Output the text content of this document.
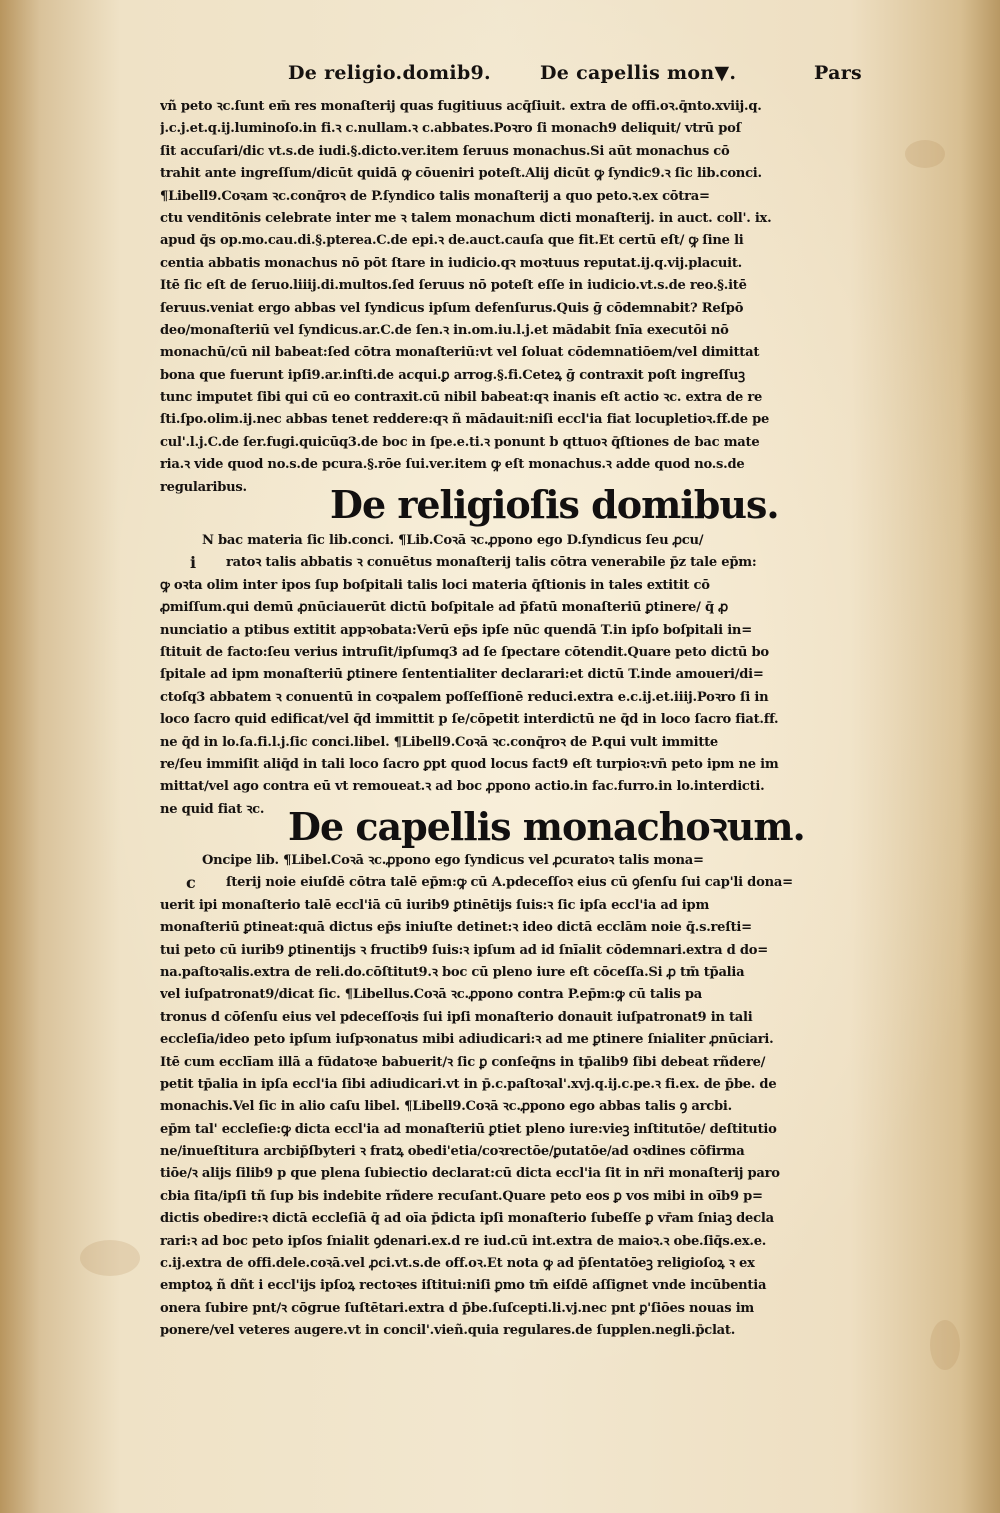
De religio.domib9.	De capellis mon▼.	Pars
vñ peto ꝛc.ſunt em̄ res monaſterij quas fugitiuus acq̄ſiuit. extra de offi.oꝛ.q̄nto.xviij.q.
j.c.j.et.q.ij.luminoſo.in fi.ꝛ c.nullam.ꝛ c.abbates.Poꝛro ſi monach9 deliquit/ vtrū poſ
ſit accuſari/dic vt.s.de iudi.§.dicto.ver.item ſeruus monachus.Si aūt monachus cō
trahit ante ingreſſum/dicūt quidā ꝙ cōueniri poteſt.Alij dicūt ꝙ ſyndic9.ꝛ ſic lib.conci.
¶Libell9.Coꝛam ꝛc.conq̄roꝛ de P.ſyndico talis monaſterij a quo peto.ꝛ.ex cōtra=
ctu venditōnis celebrate inter me ꝛ talem monachum dicti monaſterij. in auct. coll'. ix.
apud q̄s op.mo.cau.di.§.pterea.C.de epi.ꝛ de.auct.cauſa que fit.Et certū eſt/ ꝙ ſine li
centia abbatis monachus nō pōt ſtare in iudicio.qꝛ moꝛtuus reputat.ij.q.vij.placuit.
Itē ſic eſt de ſeruo.liiij.di.multos.ſed ſeruus nō poteſt eſſe in iudicio.vt.s.de reo.§.itē
ſeruus.veniat ergo abbas vel ſyndicus ipſum defenſurus.Quis ḡ cōdemnabit? Reſpō
deo/monaſteriū vel ſyndicus.ar.C.de ſen.ꝛ in.om.iu.l.j.et mādabit ſnīa executōi nō
monachū/cū nil babeat:ſed cōtra monaſteriū:vt vel ſoluat cōdemnatiōem/vel dimittat
bona que fuerunt ipſi9.ar.inſti.de acqui.ꝑ arrog.§.fi.Ceteꝝ ḡ contraxit poſt ingreſſuꝫ
tunc imputet ſibi qui cū eo contraxit.cū nibil babeat:qꝛ inanis eſt actio ꝛc. extra de re
ſti.ſpo.olim.ij.nec abbas tenet reddere:qꝛ ñ mādauit:niſi eccl'ia fiat locupletioꝛ.ff.de pe
cul'.l.j.C.de ſer.fugi.quicūq3.de boc in ſpe.e.ti.ꝛ ponunt b qttuoꝛ q̄ſtiones de bac mate
ria.ꝛ vide quod no.s.de pcura.§.rōe ſui.ver.item ꝙ eſt monachus.ꝛ adde quod no.s.de
regularibus.	De religioſis domibus.
i
N bac materia ſic lib.conci. ¶Lib.Coꝛā ꝛc.ꝓpono ego D.ſyndicus ſeu ꝓcu/
ratoꝛ talis abbatis ꝛ conuētus monaſterij talis cōtra venerabile p̄z tale ep̄m:
ꝙ oꝛta olim inter ipos ſup boſpitali talis loci materia q̄ſtionis in tales extitit cō
ꝓmiſſum.qui demū ꝓnūciauerūt dictū boſpitale ad p̄fatū monaſteriū ꝑtinere/ q̄ ꝓ
nunciatio a ptibus extitit appꝛobata:Verū ep̄s ipſe nūc quendā T.in ipſo boſpitali in=
ſtituit de facto:ſeu verius intruſit/ipſumq3 ad ſe ſpectare cōtendit.Quare peto dictū bo
ſpitale ad ipm monaſteriū ꝑtinere ſententialiter declarari:et dictū T.inde amoueri/di=
ctoſq3 abbatem ꝛ conuentū in coꝛpalem poſſeſſionē reduci.extra e.c.ij.et.iiij.Poꝛro ſi in
loco ſacro quid edificat/vel q̄d immittit p ſe/cōpetit interdictū ne q̄d in loco ſacro fiat.ff.
ne q̄d in lo.ſa.fi.l.j.ſic conci.libel. ¶Libell9.Coꝛā ꝛc.conq̄roꝛ de P.qui vult immitte
re/ſeu immiſit aliq̄d in tali loco ſacro ꝑpt quod locus fact9 eſt turpioꝛ:vn̄ peto ipm ne im
mittat/vel ago contra eū vt remoueat.ꝛ ad boc ꝓpono actio.in fac.furro.in lo.interdicti.
ne quid fiat ꝛc. De capellis monachoꝛum.
c
Oncipe lib. ¶Libel.Coꝛā ꝛc.ꝓpono ego ſyndicus vel ꝓcuratoꝛ talis mona=
ſterij noie eiuſdē cōtra talē ep̄m:ꝙ cū A.pdeceſſoꝛ eius cū ꝯſenſu ſui cap'li dona=
uerit ipi monaſterio talē eccl'iā cū iurib9 ꝑtinētijs ſuis:ꝛ ſic ipſa eccl'ia ad ipm
monaſteriū ꝑtineat:quā dictus ep̄s iniuſte detinet:ꝛ ideo dictā ecclām noie q̄.s.reſti=
tui peto cū iurib9 ꝑtinentijs ꝛ fructib9 ſuis:ꝛ ipſum ad id ſnīalit cōdemnari.extra d do=
na.paſtoꝛalis.extra de reli.do.cōſtitut9.ꝛ boc cū pleno iure eſt cōceſſa.Si ꝓ tm̄ tp̄alia
vel iuſpatronat9/dicat ſic. ¶Libellus.Coꝛā ꝛc.ꝓpono contra P.ep̄m:ꝙ cū talis pa
tronus d cōſenſu eius vel pdeceſſoꝛis ſui ipſi monaſterio donauit iuſpatronat9 in tali
eccleſia/ideo peto ipſum iuſpꝛonatus mibi adiudicari:ꝛ ad me ꝑtinere ſnialiter ꝓnūciari.
Itē cum ecclīam illā a fūdatoꝛe babuerit/ꝛ ſic ꝑ conſeq̄ns in tp̄alib9 ſibi debeat rñdere/
petit tp̄alia in ipſa eccl'ia ſibi adiudicari.vt in p̄.c.paſtoꝛal'.xvj.q.ij.c.pe.ꝛ fi.ex. de p̄be. de
monachis.Vel ſic in alio caſu libel. ¶Libell9.Coꝛā ꝛc.ꝓpono ego abbas talis ꝯ arcbi.
ep̄m tal' eccleſie:ꝙ dicta eccl'ia ad monaſteriū ꝑtiet pleno iure:vieꝫ inſtitutōe/ deſtitutio
ne/inueſtitura arcbip̄ſbyteri ꝛ fratꝝ obedi'etia/coꝛrectōe/ꝑutatōe/ad oꝛdines cōfirma
tiōe/ꝛ alijs ſilib9 p que plena ſubiectio declarat:cū dicta eccl'ia ſit in nr̄i monaſterij paro
cbia ſita/ipſi tñ ſup bis indebite rñdere recuſant.Quare peto eos ꝑ vos mibi in oīb9 p=
dictis obedire:ꝛ dictā eccleſiā q̄ ad oīa p̄dicta ipſi monaſterio ſubeſſe ꝑ vr̄am ſniaꝫ decla
rari:ꝛ ad boc peto ipſos ſnialit ꝯdenari.ex.d re iud.cū int.extra de maioꝛ.ꝛ obe.ſiq̄s.ex.e.
c.ij.extra de offi.dele.coꝛā.vel ꝓci.vt.s.de off.oꝛ.Et nota ꝙ ad p̄ſentatōeꝫ religioſoꝝ ꝛ ex
emptoꝝ ñ dñt i eccl'ijs ipſoꝝ rectoꝛes iſtitui:niſi ꝑmo tm̄ eiſdē aſſignet vnde incūbentia
onera ſubire pnt/ꝛ cōgrue ſuſtētari.extra d p̄be.ſuſcepti.li.vj.nec pnt ꝑ'ſiōes nouas im
ponere/vel veteres augere.vt in concil'.vieñ.quia regulares.de ſupplen.negli.p̄clat.
